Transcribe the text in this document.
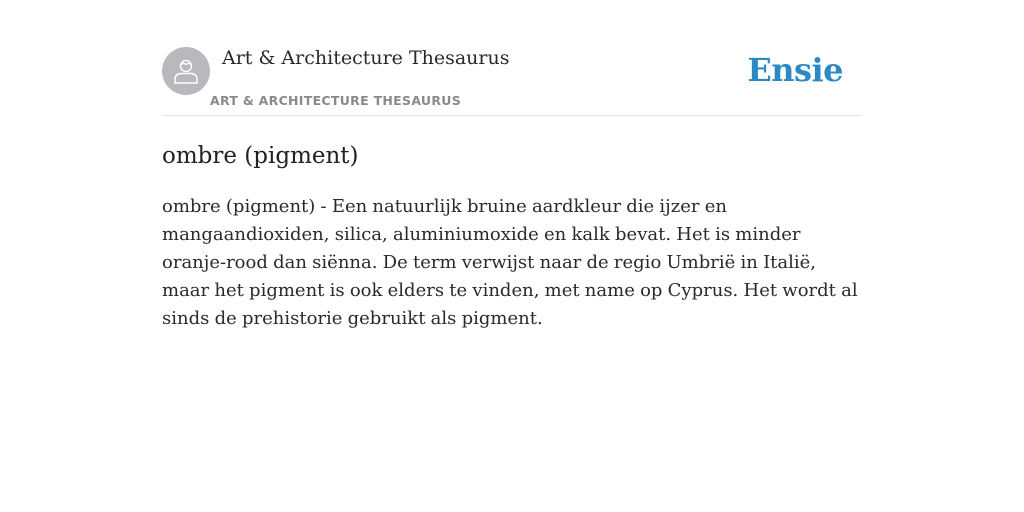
Art & Architecture Thesaurus
ART & ARCHITECTURE THESAURUS
Ensie
ombre (pigment)

ombre (pigment) - Een natuurlijk bruine aardkleur die ijzer en mangaandioxiden, silica, aluminiumoxide en kalk bevat. Het is minder oranje-rood dan siënna. De term verwijst naar de regio Umbrië in Italië, maar het pigment is ook elders te vinden, met name op Cyprus. Het wordt al sinds de prehistorie gebruikt als pigment.
